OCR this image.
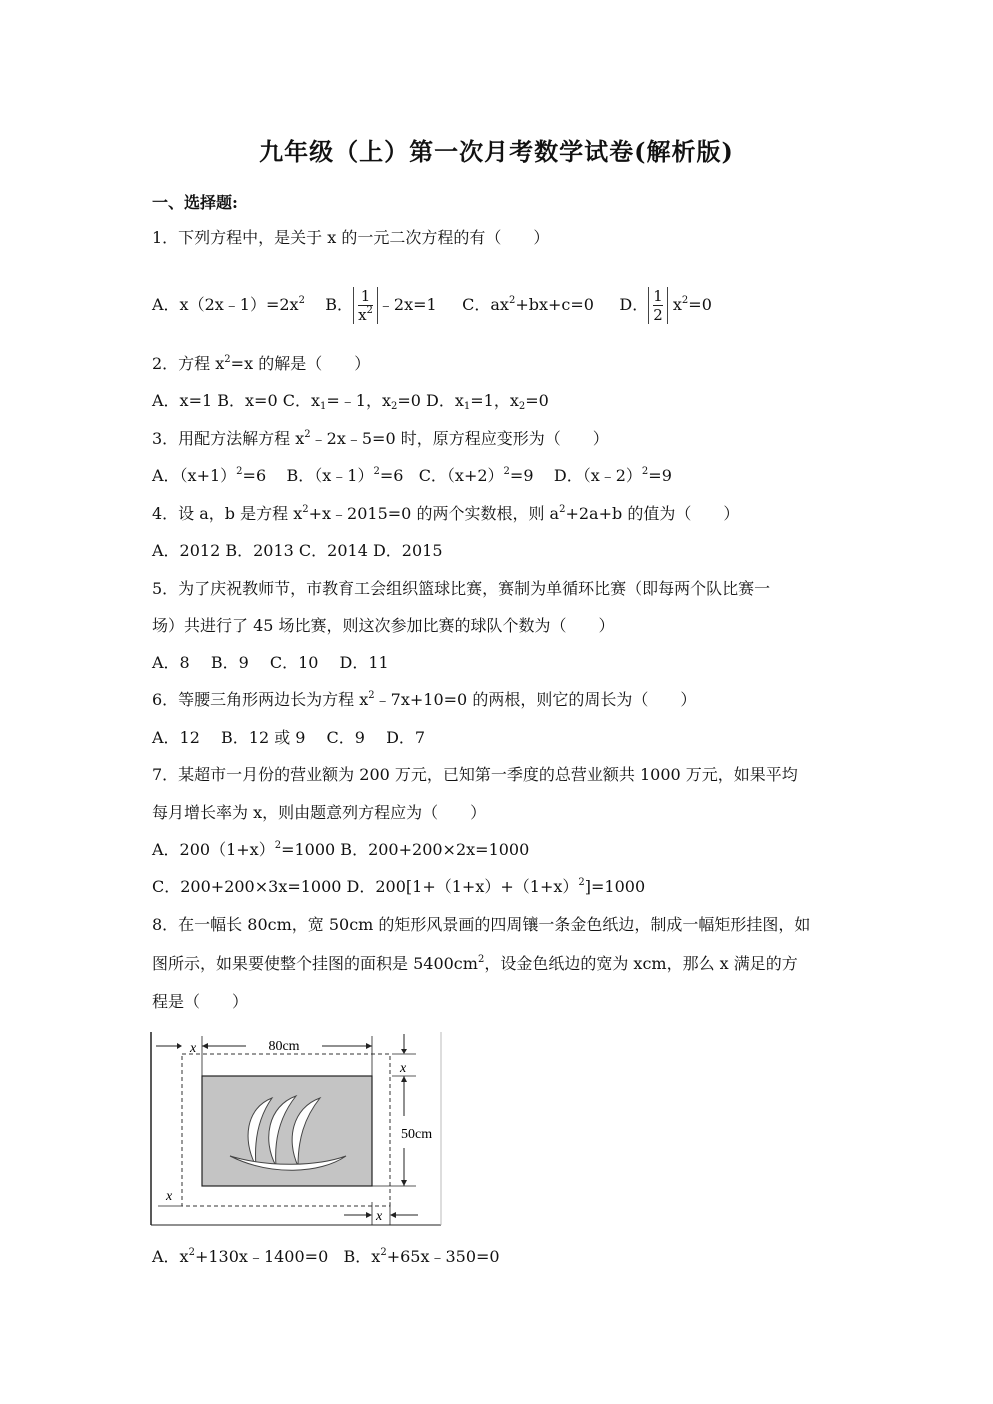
九年级（上）第一次月考数学试卷(解析版)
一、选择题:
1．下列方程中，是关于 x 的一元二次方程的有（　　）
A．$x(2x﹣1)=2x^2$ B． $\frac{1}{x^2}$ ﹣2x=1 C．$ax^2+bx+c=0$ D． $\frac{1}{2} x^2=0$
2．方程 $x^2=x$ 的解是（　　）
A．x=1 B．x=0 C．$x_1=﹣1$，$x_2=0$ D．$x_1=1$，$x_2=0$
3．用配方法解方程 $x^2﹣2x﹣5=0$ 时，原方程应变形为（　　）
A．$(x+1)^2=6$ B．（x﹣1）$^2$=6 C．$(x+2)^2=9$ D．（x﹣2）$^2$=9
4．设 a，b 是方程 $x^2+x﹣2015=0$ 的两个实数根，则 $a^2+2a+b$ 的值为（　　）
A．2012 B．2013 C．2014 D．2015
5．为了庆祝教师节，市教育工会组织篮球比赛，赛制为单循环比赛（即每两个队比赛一
场）共进行了 45 场比赛，则这次参加比赛的球队个数为（　　）
A．8　 B．9　 C．10　 D．11
6．等腰三角形两边长为方程 $x^2﹣7x+10=0$ 的两根，则它的周长为（　　）
A．12　 B．12 或 9　 C．9　 D．7
7．某超市一月份的营业额为 200 万元，已知第一季度的总营业额共 1000 万元，如果平均
每月增长率为 x，则由题意列方程应为（　　）
A．$200(1+x)^2=1000$ B．200+200×2x=1000
C．200+200×3x=1000 D．$200[1+(1+x)+(1+x)^2]=1000$
8．在一幅长 80cm，宽 50cm 的矩形风景画的四周镶一条金色纸边，制成一幅矩形挂图，如
图所示，如果要使整个挂图的面积是 $5400cm^2$，设金色纸边的宽为 xcm，那么 x 满足的方
程是（　　）
80cm
x
x
50cm
x
x
A．$x^2+130x﹣1400=0$ B．$x^2+65x﹣350=0$
